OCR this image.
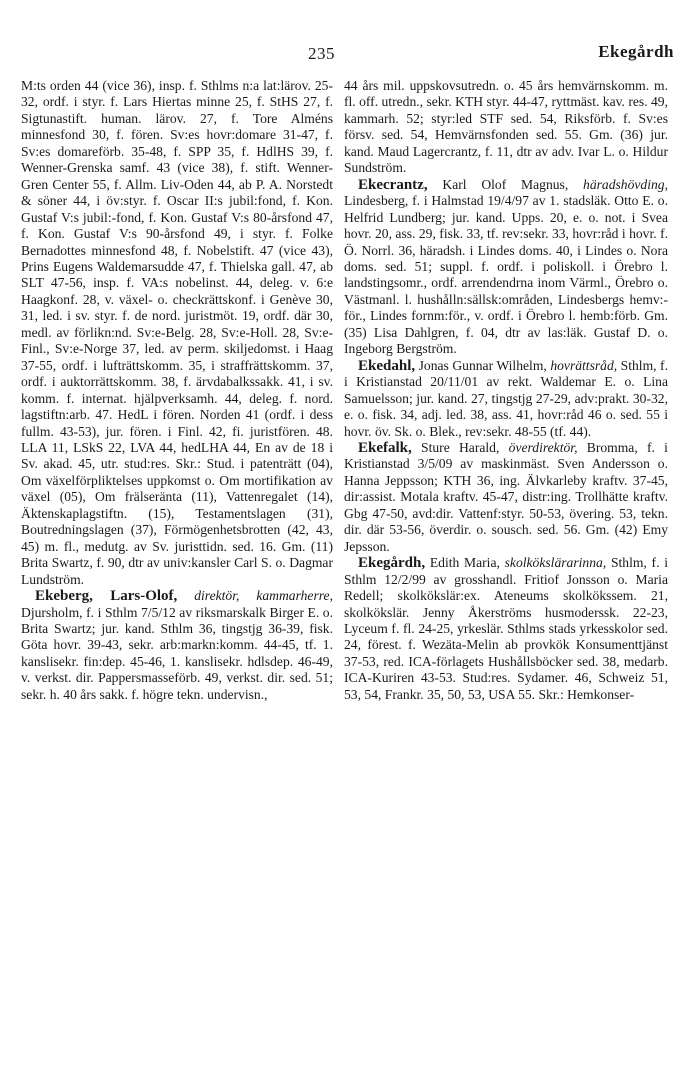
235	Ekegårdh

M:ts orden 44 (vice 36), insp. f. Sthlms n:a lat:lärov. 25-32, ordf. i styr. f. Lars Hiertas minne 25, f. StHS 27, f. Sigtunastift. human. lärov. 27, f. Tore Alméns minnesfond 30, f. fören. Sv:es hovr:domare 31-47, f. Sv:es domareförb. 35-48, f. SPP 35, f. HdlHS 39, f. Wenner-Grenska samf. 43 (vice 38), f. stift. Wenner-Gren Center 55, f. Allm. Liv-Oden 44, ab P. A. Norstedt & söner 44, i öv:styr. f. Oscar II:s jubil:fond, f. Kon. Gustaf V:s jubil:-fond, f. Kon. Gustaf V:s 80-årsfond 47, f. Kon. Gustaf V:s 90-årsfond 49, i styr. f. Folke Bernadottes minnesfond 48, f. Nobelstift. 47 (vice 43), Prins Eugens Waldemarsudde 47, f. Thielska gall. 47, ab SLT 47-56, insp. f. VA:s nobelinst. 44, deleg. v. 6:e Haagkonf. 28, v. växel- o. checkrättskonf. i Genève 30, 31, led. i sv. styr. f. de nord. juristmöt. 19, ordf. där 30, medl. av förlikn:nd. Sv:e-Belg. 28, Sv:e-Holl. 28, Sv:e-Finl., Sv:e-Norge 37, led. av perm. skiljedomst. i Haag 37-55, ordf. i lufträttskomm. 35, i straffrättskomm. 37, ordf. i auktorrättskomm. 38, f. ärvdabalkssakk. 41, i sv. komm. f. internat. hjälpverksamh. 44, deleg. f. nord. lagstiftn:arb. 47. HedL i fören. Norden 41 (ordf. i dess fullm. 43-53), jur. fören. i Finl. 42, fi. juristfören. 48. LLA 11, LSkS 22, LVA 44, hedLHA 44, En av de 18 i Sv. akad. 45, utr. stud:res. Skr.: Stud. i patenträtt (04), Om växelförpliktelses uppkomst o. Om mortifikation av växel (05), Om frälseränta (11), Vattenregalet (14), Äktenskaplagstiftn. (15), Testamentslagen (31), Boutredningslagen (37), Förmögenhetsbrotten (42, 43, 45) m. fl., medutg. av Sv. juristtidn. sed. 16. Gm. (11) Brita Swartz, f. 90, dtr av univ:kansler Carl S. o. Dagmar Lundström.

Ekeberg, Lars-Olof, direktör, kammarherre, Djursholm, f. i Sthlm 7/5/12 av riksmarskalk Birger E. o. Brita Swartz; jur. kand. Sthlm 36, tingstjg 36-39, fisk. Göta hovr. 39-43, sekr. arb:markn:komm. 44-45, tf. 1. kanslisekr. fin:dep. 45-46, 1. kanslisekr. hdlsdep. 46-49, v. verkst. dir. Pappersmasseförb. 49, verkst. dir. sed. 51; sekr. h. 40 års sakk. f. högre tekn. undervisn.,

44 års mil. uppskovsutredn. o. 45 års hemvärnskomm. m. fl. off. utredn., sekr. KTH styr. 44-47, ryttmäst. kav. res. 49, kammarh. 52; styr:led STF sed. 54, Riksförb. f. Sv:es försv. sed. 54, Hemvärnsfonden sed. 55. Gm. (36) jur. kand. Maud Lagercrantz, f. 11, dtr av adv. Ivar L. o. Hildur Sundström.

Ekecrantz, Karl Olof Magnus, häradshövding, Lindesberg, f. i Halmstad 19/4/97 av 1. stadsläk. Otto E. o. Helfrid Lundberg; jur. kand. Upps. 20, e. o. not. i Svea hovr. 20, ass. 29, fisk. 33, tf. rev:sekr. 33, hovr:råd i hovr. f. Ö. Norrl. 36, häradsh. i Lindes doms. 40, i Lindes o. Nora doms. sed. 51; suppl. f. ordf. i poliskoll. i Örebro l. landstingsomr., ordf. arrendendrna inom Värml., Örebro o. Västmanl. l. hushålln:sällsk:områden, Lindesbergs hemv:-för., Lindes fornm:för., v. ordf. i Örebro l. hemb:förb. Gm. (35) Lisa Dahlgren, f. 04, dtr av las:läk. Gustaf D. o. Ingeborg Bergström.

Ekedahl, Jonas Gunnar Wilhelm, hovrättsråd, Sthlm, f. i Kristianstad 20/11/01 av rekt. Waldemar E. o. Lina Samuelsson; jur. kand. 27, tingstjg 27-29, adv:prakt. 30-32, e. o. fisk. 34, adj. led. 38, ass. 41, hovr:råd 46 o. sed. 55 i hovr. öv. Sk. o. Blek., rev:sekr. 48-55 (tf. 44).

Ekefalk, Sture Harald, överdirektör, Bromma, f. i Kristianstad 3/5/09 av maskinmäst. Sven Andersson o. Hanna Jeppsson; KTH 36, ing. Älvkarleby kraftv. 37-45, dir:assist. Motala kraftv. 45-47, distr:ing. Trollhätte kraftv. Gbg 47-50, avd:dir. Vattenf:styr. 50-53, övering. 53, tekn. dir. där 53-56, överdir. o. sousch. sed. 56. Gm. (42) Emy Jepsson.

Ekegårdh, Edith Maria, skolkökslärarinna, Sthlm, f. i Sthlm 12/2/99 av grosshandl. Fritiof Jonsson o. Maria Redell; skolkökslär:ex. Ateneums skolkökssem. 21, skolkökslär. Jenny Åkerströms husmoderssk. 22-23, Lyceum f. fl. 24-25, yrkeslär. Sthlms stads yrkesskolor sed. 24, förest. f. Wezäta-Melin ab provkök Konsumenttjänst 37-53, red. ICA-förlagets Hushållsböcker sed. 38, medarb. ICA-Kuriren 43-53. Stud:res. Sydamer. 46, Schweiz 51, 53, 54, Frankr. 35, 50, 53, USA 55. Skr.: Hemkonser-
